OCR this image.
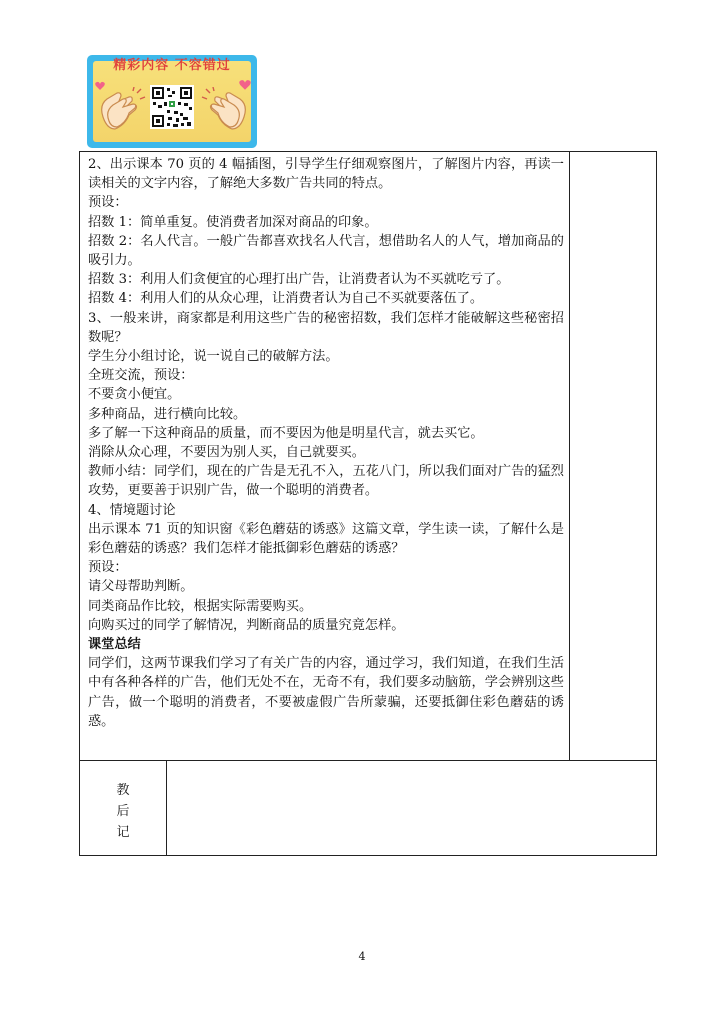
精彩内容 不容错过

2、出示课本 70 页的 4 幅插图，引导学生仔细观察图片，了解图片内容，再读一读相关的文字内容，了解绝大多数广告共同的特点。

预设：

招数 1：简单重复。使消费者加深对商品的印象。

招数 2：名人代言。一般广告都喜欢找名人代言，想借助名人的人气，增加商品的吸引力。

招数 3：利用人们贪便宜的心理打出广告，让消费者认为不买就吃亏了。

招数 4：利用人们的从众心理，让消费者认为自己不买就要落伍了。

3、一般来讲，商家都是利用这些广告的秘密招数，我们怎样才能破解这些秘密招数呢？

学生分小组讨论，说一说自己的破解方法。

全班交流，预设：

不要贪小便宜。

多种商品，进行横向比较。

多了解一下这种商品的质量，而不要因为他是明星代言，就去买它。

消除从众心理，不要因为别人买，自己就要买。

教师小结：同学们，现在的广告是无孔不入，五花八门，所以我们面对广告的猛烈攻势，更要善于识别广告，做一个聪明的消费者。

4、情境题讨论

出示课本 71 页的知识窗《彩色蘑菇的诱惑》这篇文章，学生读一读，了解什么是彩色蘑菇的诱惑？我们怎样才能抵御彩色蘑菇的诱惑？

预设：

请父母帮助判断。

同类商品作比较，根据实际需要购买。

向购买过的同学了解情况，判断商品的质量究竟怎样。

课堂总结

同学们，这两节课我们学习了有关广告的内容，通过学习，我们知道，在我们生活中有各种各样的广告，他们无处不在，无奇不有，我们要多动脑筋，学会辨别这些广告，做一个聪明的消费者，不要被虚假广告所蒙骗，还要抵御住彩色蘑菇的诱惑。

教
后
记
4
